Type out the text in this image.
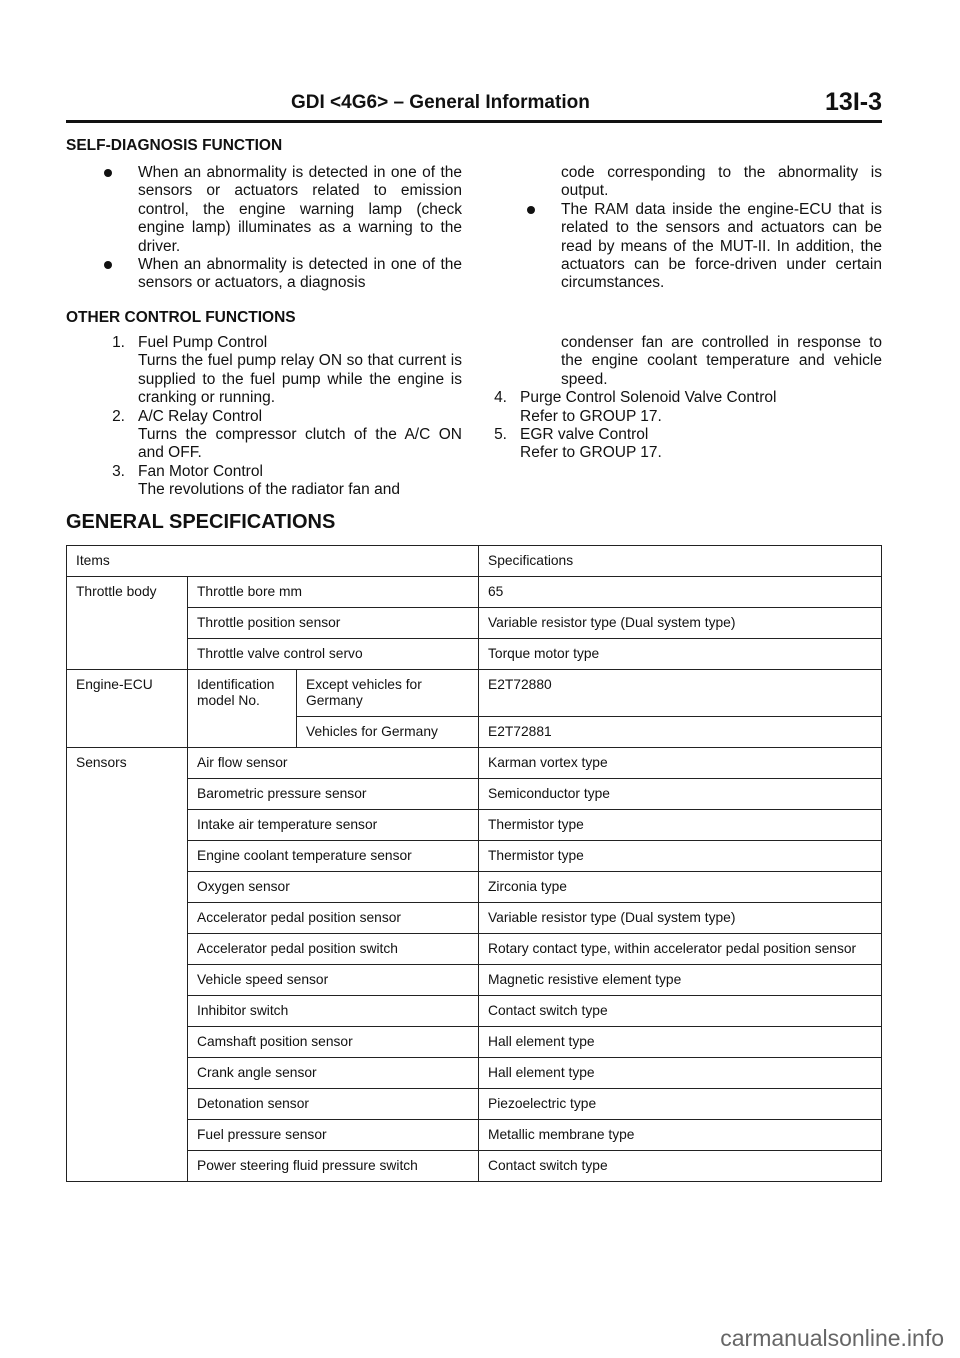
GDI <4G6> – General Information	13I-3
SELF-DIAGNOSIS FUNCTION
When an abnormality is detected in one of the sensors or actuators related to emission control, the engine warning lamp (check engine lamp) illuminates as a warning to the driver.
When an abnormality is detected in one of the sensors or actuators, a diagnosis
code corresponding to the abnormality is output.
The RAM data inside the engine-ECU that is related to the sensors and actuators can be read by means of the MUT-II. In addition, the actuators can be force-driven under certain circumstances.
OTHER CONTROL FUNCTIONS
1. Fuel Pump Control
Turns the fuel pump relay ON so that current is supplied to the fuel pump while the engine is cranking or running.
2. A/C Relay Control
Turns the compressor clutch of the A/C ON and OFF.
3. Fan Motor Control
The revolutions of the radiator fan and
condenser fan are controlled in response to the engine coolant temperature and vehicle speed.
4. Purge Control Solenoid Valve Control
Refer to GROUP 17.
5. EGR valve Control
Refer to GROUP 17.
GENERAL SPECIFICATIONS
Items			Specifications
Throttle body	Throttle bore mm		65
	Throttle position sensor		Variable resistor type (Dual system type)
	Throttle valve control servo		Torque motor type
Engine-ECU	Identification model No.	Except vehicles for Germany	E2T72880
		Vehicles for Germany	E2T72881
Sensors	Air flow sensor		Karman vortex type
	Barometric pressure sensor		Semiconductor type
	Intake air temperature sensor		Thermistor type
	Engine coolant temperature sensor		Thermistor type
	Oxygen sensor		Zirconia type
	Accelerator pedal position sensor		Variable resistor type (Dual system type)
	Accelerator pedal position switch		Rotary contact type, within accelerator pedal position sensor
	Vehicle speed sensor		Magnetic resistive element type
	Inhibitor switch		Contact switch type
	Camshaft position sensor		Hall element type
	Crank angle sensor		Hall element type
	Detonation sensor		Piezoelectric type
	Fuel pressure sensor		Metallic membrane type
	Power steering fluid pressure switch		Contact switch type
carmanualsonline.info
